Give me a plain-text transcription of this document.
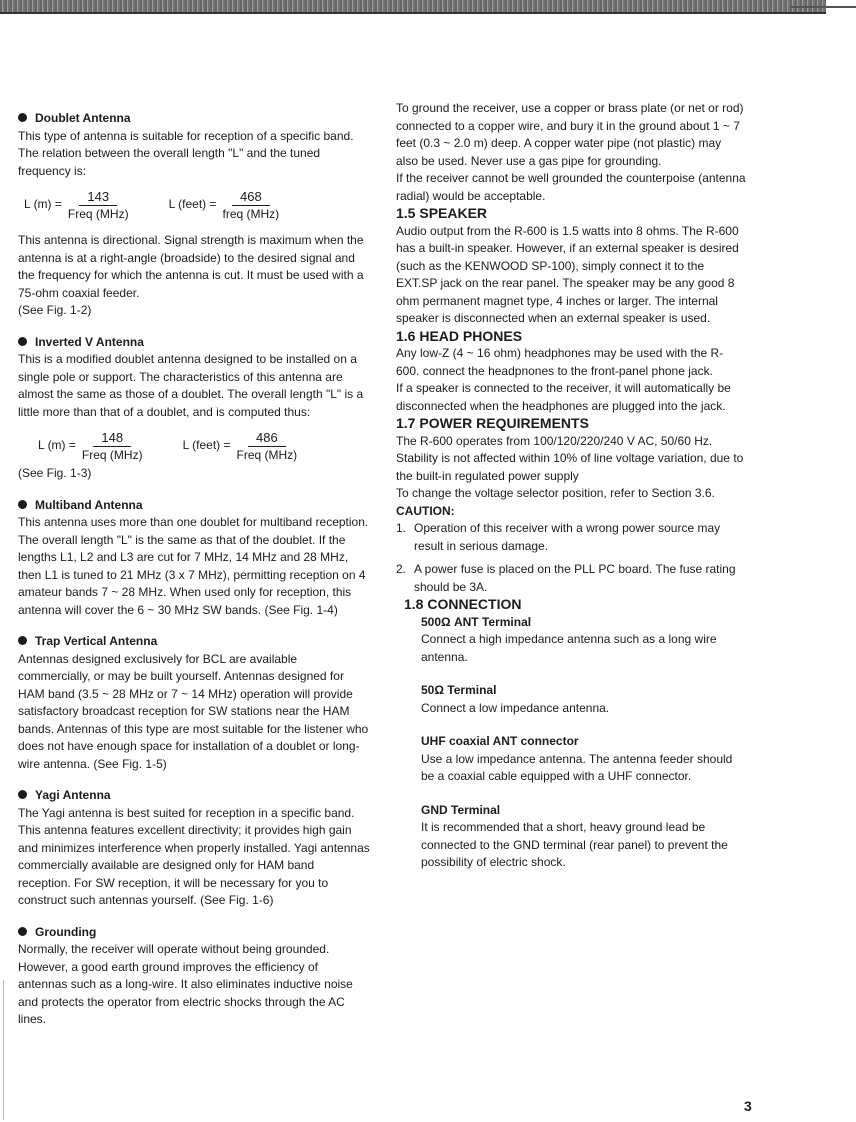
Doublet Antenna

This type of antenna is suitable for reception of a specific band.

The relation between the overall length "L" and the tuned frequency is:

L $(m) = \frac{143}{\text{Freq (MHz)}}$	L (feet) = $\frac{468}{\text{freq (MHz)}}$

This antenna is directional. Signal strength is maximum when the antenna is at a right-angle (broadside) to the desired signal and the frequency for which the antenna is cut. It must be used with a 75-ohm coaxial feeder.

(See Fig. 1-2)

Inverted V Antenna

This is a modified doublet antenna designed to be installed on a single pole or support. The characteristics of this antenna are almost the same as those of a doublet. The overall length "L" is a little more than that of a doublet, and is computed thus:

L $(m) = \frac{148}{\text{Freq (MHz)}}$	L (feet) = $\frac{486}{\text{Freq (MHz)}}$

(See Fig. 1-3)

Multiband Antenna

This antenna uses more than one doublet for multiband reception. The overall length "L" is the same as that of the doublet. If the lengths L1, L2 and L3 are cut for 7 MHz, 14 MHz and 28 MHz, then L1 is tuned to 21 MHz (3 x 7 MHz), permitting reception on 4 amateur bands 7 ~ 28 MHz. When used only for reception, this antenna will cover the 6 ~ 30 MHz SW bands. (See Fig. 1-4)

Trap Vertical Antenna

Antennas designed exclusively for BCL are available commercially, or may be built yourself. Antennas designed for HAM band (3.5 ~ 28 MHz or 7 ~ 14 MHz) operation will provide satisfactory broadcast reception for SW stations near the HAM bands. Antennas of this type are most suitable for the listener who does not have enough space for installation of a doublet or long-wire antenna. (See Fig. 1-5)

Yagi Antenna

The Yagi antenna is best suited for reception in a specific band. This antenna features excellent directivity; it provides high gain and minimizes interference when properly installed. Yagi antennas commercially available are designed only for HAM band reception. For SW reception, it will be necessary for you to construct such antennas yourself. (See Fig. 1-6)

Grounding

Normally, the receiver will operate without being grounded. However, a good earth ground improves the efficiency of antennas such as a long-wire. It also eliminates inductive noise and protects the operator from electric shocks through the AC lines.

To ground the receiver, use a copper or brass plate (or net or rod) connected to a copper wire, and bury it in the ground about 1 ~ 7 feet (0.3 ~ 2.0 m) deep. A copper water pipe (not plastic) may also be used. Never use a gas pipe for grounding.

If the receiver cannot be well grounded the counterpoise (antenna radial) would be acceptable.

1.5 SPEAKER

Audio output from the R-600 is 1.5 watts into 8 ohms. The R-600 has a built-in speaker. However, if an external speaker is desired (such as the KENWOOD SP-100), simply connect it to the EXT.SP jack on the rear panel. The speaker may be any good 8 ohm permanent magnet type, 4 inches or larger. The internal speaker is disconnected when an external speaker is used.

1.6 HEAD PHONES

Any low-Z (4 ~ 16 ohm) headphones may be used with the R-600. connect the headpnones to the front-panel phone jack.

If a speaker is connected to the receiver, it will automatically be disconnected when the headphones are plugged into the jack.

1.7 POWER REQUIREMENTS

The R-600 operates from 100/120/220/240 V AC, 50/60 Hz. Stability is not affected within 10% of line voltage variation, due to the built-in regulated power supply

To change the voltage selector position, refer to Section 3.6.

CAUTION:

1. Operation of this receiver with a wrong power source may result in serious damage.
2. A power fuse is placed on the PLL PC board. The fuse rating should be 3A.

1.8 CONNECTION

500Ω ANT Terminal

Connect a high impedance antenna such as a long wire antenna.

50Ω Terminal

Connect a low impedance antenna.

UHF coaxial ANT connector

Use a low impedance antenna. The antenna feeder should be a coaxial cable equipped with a UHF connector.

GND Terminal

It is recommended that a short, heavy ground lead be connected to the GND terminal (rear panel) to prevent the possibility of electric shock.

3
